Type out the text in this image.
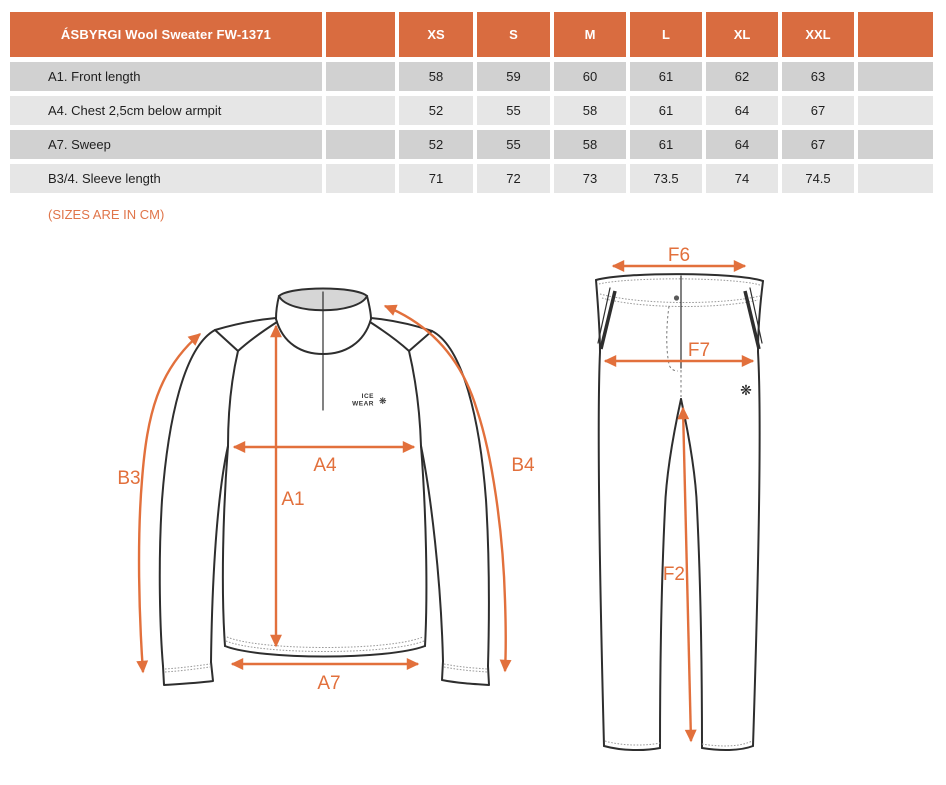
ÁSBYRGI Wool Sweater FW-1371		XS	S	M	L	XL	XXL	
A1. Front length		58	59	60	61	62	63	
A4. Chest 2,5cm below armpit		52	55	58	61	64	67	
A7. Sweep		52	55	58	61	64	67	
B3/4. Sleeve length		71	72	73	73.5	74	74.5	
(SIZES ARE IN CM)
ICE
WEAR ❋
A4
A1
A7
B3
B4
❋
F6
F7
F2
